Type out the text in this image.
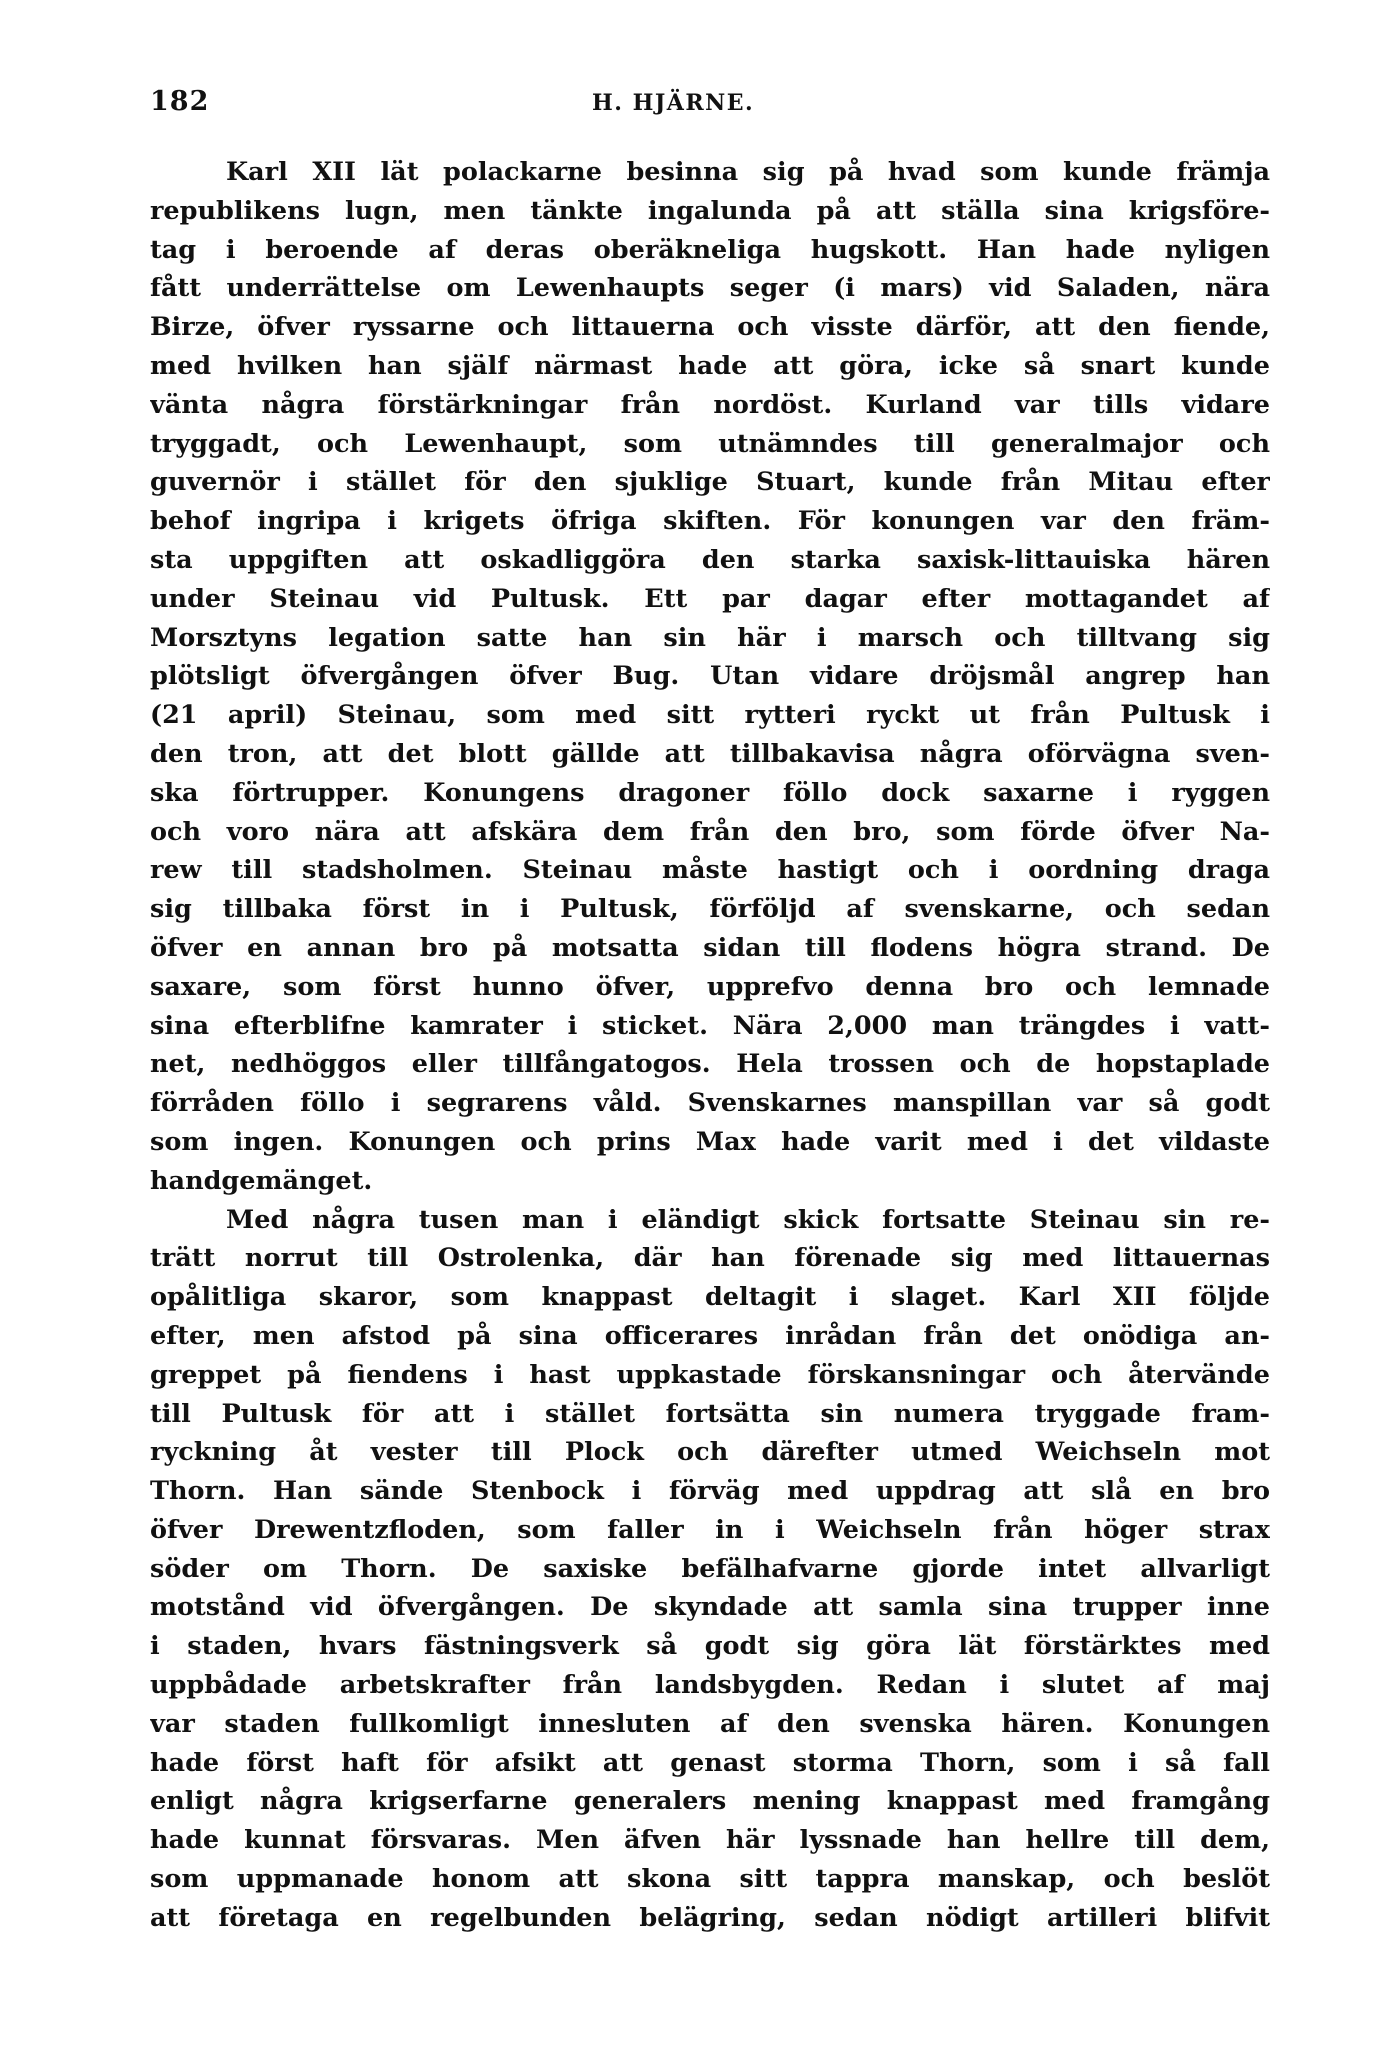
182	H. HJÄRNE.
Karl XII lät polackarne besinna sig på hvad som kunde främja
republikens lugn, men tänkte ingalunda på att ställa sina krigsföre-
tag i beroende af deras oberäkneliga hugskott. Han hade nyligen
fått underrättelse om Lewenhaupts seger (i mars) vid Saladen, nära
Birze, öfver ryssarne och littauerna och visste därför, att den fiende,
med hvilken han själf närmast hade att göra, icke så snart kunde
vänta några förstärkningar från nordöst. Kurland var tills vidare
tryggadt, och Lewenhaupt, som utnämndes till generalmajor och
guvernör i stället för den sjuklige Stuart, kunde från Mitau efter
behof ingripa i krigets öfriga skiften. För konungen var den främ-
sta uppgiften att oskadliggöra den starka saxisk-littauiska hären
under Steinau vid Pultusk. Ett par dagar efter mottagandet af
Morsztyns legation satte han sin här i marsch och tilltvang sig
plötsligt öfvergången öfver Bug. Utan vidare dröjsmål angrep han
(21 april) Steinau, som med sitt rytteri ryckt ut från Pultusk i
den tron, att det blott gällde att tillbakavisa några oförvägna sven-
ska förtrupper. Konungens dragoner föllo dock saxarne i ryggen
och voro nära att afskära dem från den bro, som förde öfver Na-
rew till stadsholmen. Steinau måste hastigt och i oordning draga
sig tillbaka först in i Pultusk, förföljd af svenskarne, och sedan
öfver en annan bro på motsatta sidan till flodens högra strand. De
saxare, som först hunno öfver, upprefvo denna bro och lemnade
sina efterblifne kamrater i sticket. Nära 2,000 man trängdes i vatt-
net, nedhöggos eller tillfångatogos. Hela trossen och de hopstaplade
förråden föllo i segrarens våld. Svenskarnes manspillan var så godt
som ingen. Konungen och prins Max hade varit med i det vildaste
handgemänget.
Med några tusen man i eländigt skick fortsatte Steinau sin re-
trätt norrut till Ostrolenka, där han förenade sig med littauernas
opålitliga skaror, som knappast deltagit i slaget. Karl XII följde
efter, men afstod på sina officerares inrådan från det onödiga an-
greppet på fiendens i hast uppkastade förskansningar och återvände
till Pultusk för att i stället fortsätta sin numera tryggade fram-
ryckning åt vester till Plock och därefter utmed Weichseln mot
Thorn. Han sände Stenbock i förväg med uppdrag att slå en bro
öfver Drewentzfloden, som faller in i Weichseln från höger strax
söder om Thorn. De saxiske befälhafvarne gjorde intet allvarligt
motstånd vid öfvergången. De skyndade att samla sina trupper inne
i staden, hvars fästningsverk så godt sig göra lät förstärktes med
uppbådade arbetskrafter från landsbygden. Redan i slutet af maj
var staden fullkomligt innesluten af den svenska hären. Konungen
hade först haft för afsikt att genast storma Thorn, som i så fall
enligt några krigserfarne generalers mening knappast med framgång
hade kunnat försvaras. Men äfven här lyssnade han hellre till dem,
som uppmanade honom att skona sitt tappra manskap, och beslöt
att företaga en regelbunden belägring, sedan nödigt artilleri blifvit
